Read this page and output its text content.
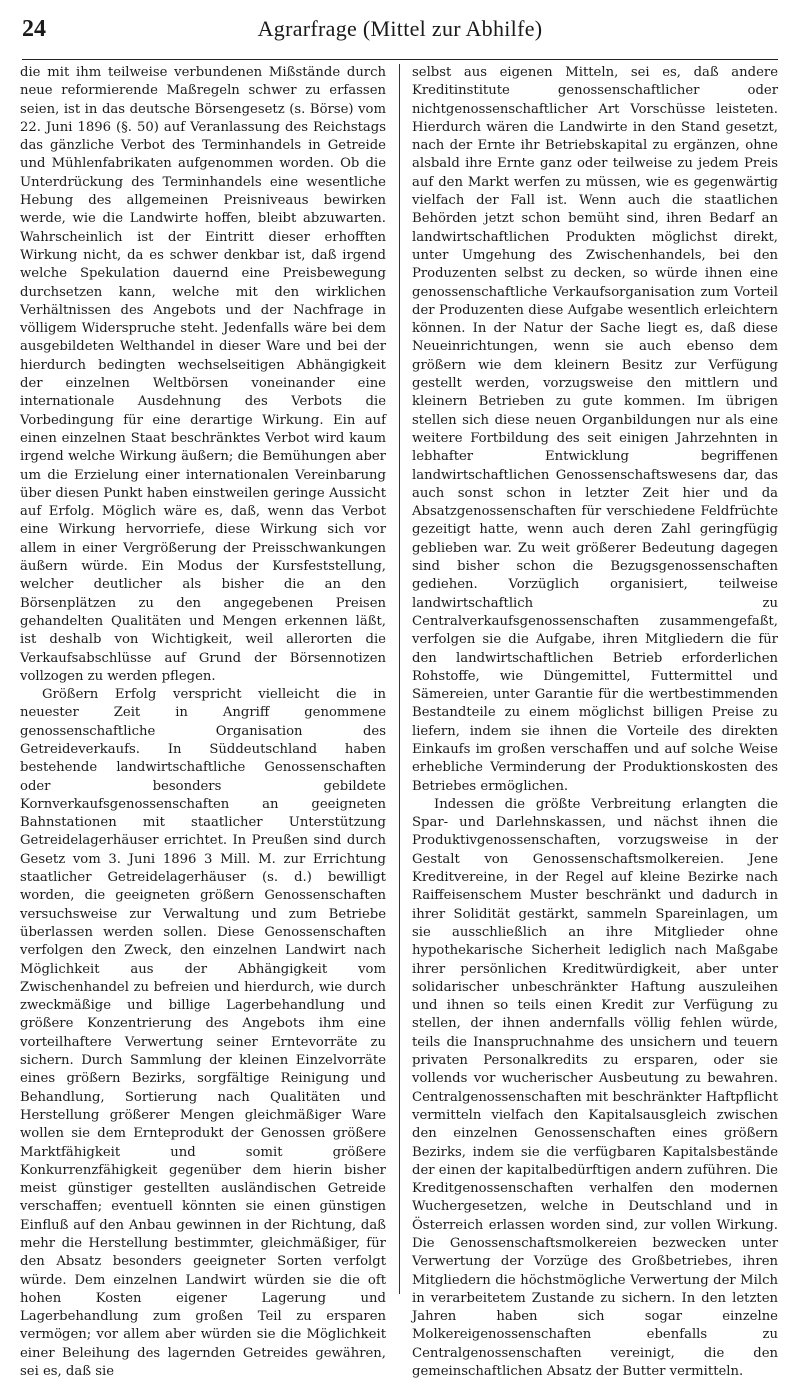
24	Agrarfrage (Mittel zur Abhilfe)

die mit ihm teilweise verbundenen Mißstände durch neue reformierende Maßregeln schwer zu erfassen seien, ist in das deutsche Börsengesetz (s. Börse) vom 22. Juni 1896 (§. 50) auf Veranlassung des Reichstags das gänzliche Verbot des Terminhandels in Getreide und Mühlenfabrikaten aufgenommen worden. Ob die Unterdrückung des Terminhandels eine wesentliche Hebung des allgemeinen Preisniveaus bewirken werde, wie die Landwirte hoffen, bleibt abzuwarten. Wahrscheinlich ist der Eintritt dieser erhofften Wirkung nicht, da es schwer denkbar ist, daß irgend welche Spekulation dauernd eine Preisbewegung durchsetzen kann, welche mit den wirklichen Verhältnissen des Angebots und der Nachfrage in völligem Widerspruche steht. Jedenfalls wäre bei dem ausgebildeten Welthandel in dieser Ware und bei der hierdurch bedingten wechselseitigen Abhängigkeit der einzelnen Weltbörsen voneinander eine internationale Ausdehnung des Verbots die Vorbedingung für eine derartige Wirkung. Ein auf einen einzelnen Staat beschränktes Verbot wird kaum irgend welche Wirkung äußern; die Bemühungen aber um die Erzielung einer internationalen Vereinbarung über diesen Punkt haben einstweilen geringe Aussicht auf Erfolg. Möglich wäre es, daß, wenn das Verbot eine Wirkung hervorriefe, diese Wirkung sich vor allem in einer Vergrößerung der Preisschwankungen äußern würde. Ein Modus der Kursfeststellung, welcher deutlicher als bisher die an den Börsenplätzen zu den angegebenen Preisen gehandelten Qualitäten und Mengen erkennen läßt, ist deshalb von Wichtigkeit, weil allerorten die Verkaufsabschlüsse auf Grund der Börsennotizen vollzogen zu werden pflegen.

Größern Erfolg verspricht vielleicht die in neuester Zeit in Angriff genommene genossenschaftliche Organisation des Getreideverkaufs. In Süddeutschland haben bestehende landwirtschaftliche Genossenschaften oder besonders gebildete Kornverkaufsgenossenschaften an geeigneten Bahnstationen mit staatlicher Unterstützung Getreidelagerhäuser errichtet. In Preußen sind durch Gesetz vom 3. Juni 1896 3 Mill. M. zur Errichtung staatlicher Getreidelagerhäuser (s. d.) bewilligt worden, die geeigneten größern Genossenschaften versuchsweise zur Verwaltung und zum Betriebe überlassen werden sollen. Diese Genossenschaften verfolgen den Zweck, den einzelnen Landwirt nach Möglichkeit aus der Abhängigkeit vom Zwischenhandel zu befreien und hierdurch, wie durch zweckmäßige und billige Lagerbehandlung und größere Konzentrierung des Angebots ihm eine vorteilhaftere Verwertung seiner Erntevorräte zu sichern. Durch Sammlung der kleinen Einzelvorräte eines größern Bezirks, sorgfältige Reinigung und Behandlung, Sortierung nach Qualitäten und Herstellung größerer Mengen gleichmäßiger Ware wollen sie dem Ernteprodukt der Genossen größere Marktfähigkeit und somit größere Konkurrenzfähigkeit gegenüber dem hierin bisher meist günstiger gestellten ausländischen Getreide verschaffen; eventuell könnten sie einen günstigen Einfluß auf den Anbau gewinnen in der Richtung, daß mehr die Herstellung bestimmter, gleichmäßiger, für den Absatz besonders geeigneter Sorten verfolgt würde. Dem einzelnen Landwirt würden sie die oft hohen Kosten eigener Lagerung und Lagerbehandlung zum großen Teil zu ersparen vermögen; vor allem aber würden sie die Möglichkeit einer Beleihung des lagernden Getreides gewähren, sei es, daß sie

selbst aus eigenen Mitteln, sei es, daß andere Kreditinstitute genossenschaftlicher oder nichtgenossenschaftlicher Art Vorschüsse leisteten. Hierdurch wären die Landwirte in den Stand gesetzt, nach der Ernte ihr Betriebskapital zu ergänzen, ohne alsbald ihre Ernte ganz oder teilweise zu jedem Preis auf den Markt werfen zu müssen, wie es gegenwärtig vielfach der Fall ist. Wenn auch die staatlichen Behörden jetzt schon bemüht sind, ihren Bedarf an landwirtschaftlichen Produkten möglichst direkt, unter Umgehung des Zwischenhandels, bei den Produzenten selbst zu decken, so würde ihnen eine genossenschaftliche Verkaufsorganisation zum Vorteil der Produzenten diese Aufgabe wesentlich erleichtern können. In der Natur der Sache liegt es, daß diese Neueinrichtungen, wenn sie auch ebenso dem größern wie dem kleinern Besitz zur Verfügung gestellt werden, vorzugsweise den mittlern und kleinern Betrieben zu gute kommen. Im übrigen stellen sich diese neuen Organbildungen nur als eine weitere Fortbildung des seit einigen Jahrzehnten in lebhafter Entwicklung begriffenen landwirtschaftlichen Genossenschaftswesens dar, das auch sonst schon in letzter Zeit hier und da Absatzgenossenschaften für verschiedene Feldfrüchte gezeitigt hatte, wenn auch deren Zahl geringfügig geblieben war. Zu weit größerer Bedeutung dagegen sind bisher schon die Bezugsgenossenschaften gediehen. Vorzüglich organisiert, teilweise landwirtschaftlich zu Centralverkaufsgenossenschaften zusammengefaßt, verfolgen sie die Aufgabe, ihren Mitgliedern die für den landwirtschaftlichen Betrieb erforderlichen Rohstoffe, wie Düngemittel, Futtermittel und Sämereien, unter Garantie für die wertbestimmenden Bestandteile zu einem möglichst billigen Preise zu liefern, indem sie ihnen die Vorteile des direkten Einkaufs im großen verschaffen und auf solche Weise erhebliche Verminderung der Produktionskosten des Betriebes ermöglichen.

Indessen die größte Verbreitung erlangten die Spar- und Darlehnskassen, und nächst ihnen die Produktivgenossenschaften, vorzugsweise in der Gestalt von Genossenschaftsmolkereien. Jene Kreditvereine, in der Regel auf kleine Bezirke nach Raiffeisenschem Muster beschränkt und dadurch in ihrer Solidität gestärkt, sammeln Spareinlagen, um sie ausschließlich an ihre Mitglieder ohne hypothekarische Sicherheit lediglich nach Maßgabe ihrer persönlichen Kreditwürdigkeit, aber unter solidarischer unbeschränkter Haftung auszuleihen und ihnen so teils einen Kredit zur Verfügung zu stellen, der ihnen andernfalls völlig fehlen würde, teils die Inanspruchnahme des unsichern und teuern privaten Personalkredits zu ersparen, oder sie vollends vor wucherischer Ausbeutung zu bewahren. Centralgenossenschaften mit beschränkter Haftpflicht vermitteln vielfach den Kapitalsausgleich zwischen den einzelnen Genossenschaften eines größern Bezirks, indem sie die verfügbaren Kapitalsbestände der einen der kapitalbedürftigen andern zuführen. Die Kreditgenossenschaften verhalfen den modernen Wuchergesetzen, welche in Deutschland und in Österreich erlassen worden sind, zur vollen Wirkung. Die Genossenschaftsmolkereien bezwecken unter Verwertung der Vorzüge des Großbetriebes, ihren Mitgliedern die höchstmögliche Verwertung der Milch in verarbeitetem Zustande zu sichern. In den letzten Jahren haben sich sogar einzelne Molkereigenossenschaften ebenfalls zu Centralgenossenschaften vereinigt, die den gemeinschaftlichen Absatz der Butter vermitteln.
